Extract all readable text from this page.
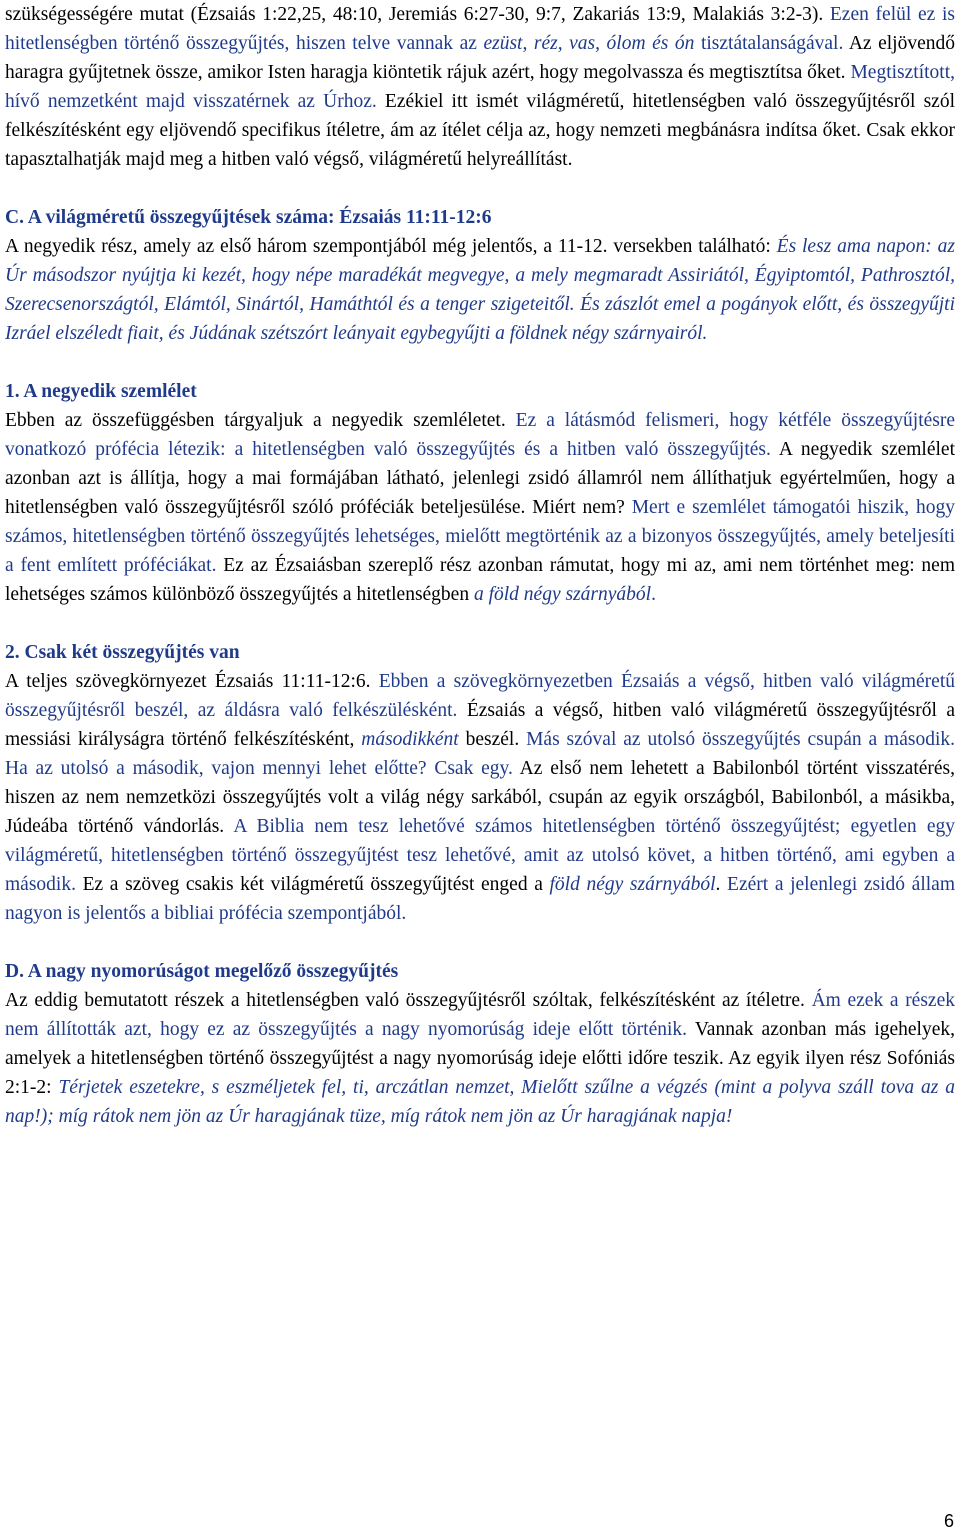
szükségességére mutat (Ézsaiás 1:22,25, 48:10, Jeremiás 6:27-30, 9:7, Zakariás 13:9, Malakiás 3:2-3). Ezen felül ez is hitetlenségben történő összegyűjtés, hiszen telve vannak az ezüst, réz, vas, ólom és ón tisztátalanságával. Az eljövendő haragra gyűjtetnek össze, amikor Isten haragja kiöntetik rájuk azért, hogy megolvassza és megtisztítsa őket. Megtisztított, hívő nemzetként majd visszatérnek az Úrhoz. Ezékiel itt ismét világméretű, hitetlenségben való összegyűjtésről szól felkészítésként egy eljövendő specifikus ítéletre, ám az ítélet célja az, hogy nemzeti megbánásra indítsa őket. Csak ekkor tapasztalhatják majd meg a hitben való végső, világméretű helyreállítást.

C. A világméretű összegyűjtések száma: Ézsaiás 11:11-12:6

A negyedik rész, amely az első három szempontjából még jelentős, a 11-12. versekben található: És lesz ama napon: az Úr másodszor nyújtja ki kezét, hogy népe maradékát megvegye, a mely megmaradt Assiriától, Égyiptomtól, Pathrosztól, Szerecsenországtól, Elámtól, Sinártól, Hamáthtól és a tenger szigeteitől. És zászlót emel a pogányok előtt, és összegyűjti Izráel elszéledt fiait, és Júdának szétszórt leányait egybegyűjti a földnek négy szárnyairól.

1. A negyedik szemlélet

Ebben az összefüggésben tárgyaljuk a negyedik szemléletet. Ez a látásmód felismeri, hogy kétféle összegyűjtésre vonatkozó prófécia létezik: a hitetlenségben való összegyűjtés és a hitben való összegyűjtés. A negyedik szemlélet azonban azt is állítja, hogy a mai formájában látható, jelenlegi zsidó államról nem állíthatjuk egyértelműen, hogy a hitetlenségben való összegyűjtésről szóló próféciák beteljesülése. Miért nem? Mert e szemlélet támogatói hiszik, hogy számos, hitetlenségben történő összegyűjtés lehetséges, mielőtt megtörténik az a bizonyos összegyűjtés, amely beteljesíti a fent említett próféciákat. Ez az Ézsaiásban szereplő rész azonban rámutat, hogy mi az, ami nem történhet meg: nem lehetséges számos különböző összegyűjtés a hitetlenségben a föld négy szárnyából.

2. Csak két összegyűjtés van

A teljes szövegkörnyezet Ézsaiás 11:11-12:6. Ebben a szövegkörnyezetben Ézsaiás a végső, hitben való világméretű összegyűjtésről beszél, az áldásra való felkészülésként. Ézsaiás a végső, hitben való világméretű összegyűjtésről a messiási királyságra történő felkészítésként, másodikként beszél. Más szóval az utolsó összegyűjtés csupán a második. Ha az utolsó a második, vajon mennyi lehet előtte? Csak egy. Az első nem lehetett a Babilonból történt visszatérés, hiszen az nem nemzetközi összegyűjtés volt a világ négy sarkából, csupán az egyik országból, Babilonból, a másikba, Júdeába történő vándorlás. A Biblia nem tesz lehetővé számos hitetlenségben történő összegyűjtést; egyetlen egy világméretű, hitetlenségben történő összegyűjtést tesz lehetővé, amit az utolsó követ, a hitben történő, ami egyben a második. Ez a szöveg csakis két világméretű összegyűjtést enged a föld négy szárnyából. Ezért a jelenlegi zsidó állam nagyon is jelentős a bibliai prófécia szempontjából.

D. A nagy nyomorúságot megelőző összegyűjtés

Az eddig bemutatott részek a hitetlenségben való összegyűjtésről szóltak, felkészítésként az ítéletre. Ám ezek a részek nem állították azt, hogy ez az összegyűjtés a nagy nyomorúság ideje előtt történik. Vannak azonban más igehelyek, amelyek a hitetlenségben történő összegyűjtést a nagy nyomorúság ideje előtti időre teszik. Az egyik ilyen rész Sofóniás 2:1-2: Térjetek eszetekre, s eszméljetek fel, ti, arczátlan nemzet, Mielőtt szűlne a végzés (mint a polyva száll tova az a nap!); míg rátok nem jön az Úr haragjának tüze, míg rátok nem jön az Úr haragjának napja!

6
